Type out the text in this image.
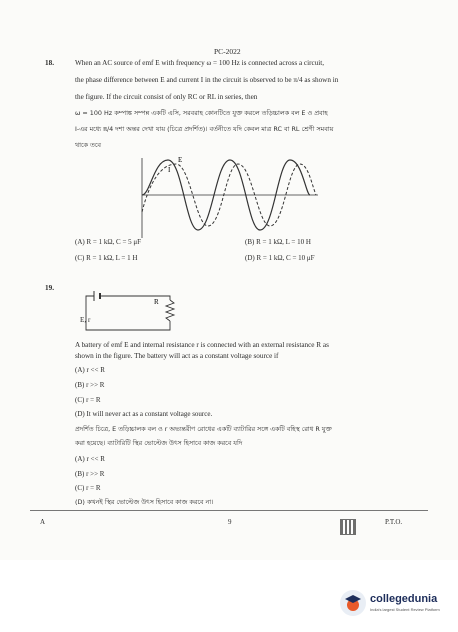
PC-2022
18.	When an AC source of emf E with frequency ω = 100 Hz is connected across a circuit,
the phase difference between E and current I in the circuit is observed to be π/4 as shown in
the figure. If the circuit consist of only RC or RL in series, then
ω = 100 Hz কম্পাঙ্ক সম্পন্ন একটি এসি, সরবরাহ কোনটিতে যুক্ত করলে তড়িচ্চালক বল E ও প্রবাহ
I-এর মধ্যে π/4 দশা অন্তর দেখা যায় (চিত্রে প্রদর্শিত)। বর্তনীতে যদি কেবল মাত্র RC বা RL শ্রেণী সমবায়
থাকে তবে
E
I
(A) R = 1 kΩ, C = 5 μF	(B) R = 1 kΩ, L = 10 H
(C) R = 1 kΩ, L = 1 H	(D) R = 1 kΩ, C = 10 μF
19.
R
E, r
A battery of emf E and internal resistance r is connected with an external resistance R as
shown in the figure. The battery will act as a constant voltage source if
(A) r << R
(B) r >> R
(C) r = R
(D) It will never act as a constant voltage source.
প্রদর্শিত চিত্রে, E তড়িচ্চালক বল ও r অভ্যন্তরীণ রোধের একটি ব্যাটারির সঙ্গে একটি বহিস্থ রোধ R যুক্ত
করা হয়েছে। ব্যাটারিটি স্থির ভোল্টেজ উৎস হিসাবে কাজ করবে যদি
(A) r << R
(B) r >> R
(C) r = R
(D) কখনই স্থির ভোল্টেজ উৎস হিসাবে কাজ করবে না।
A	9	P.T.O.
collegedunia
India's largest Student Review Platform
